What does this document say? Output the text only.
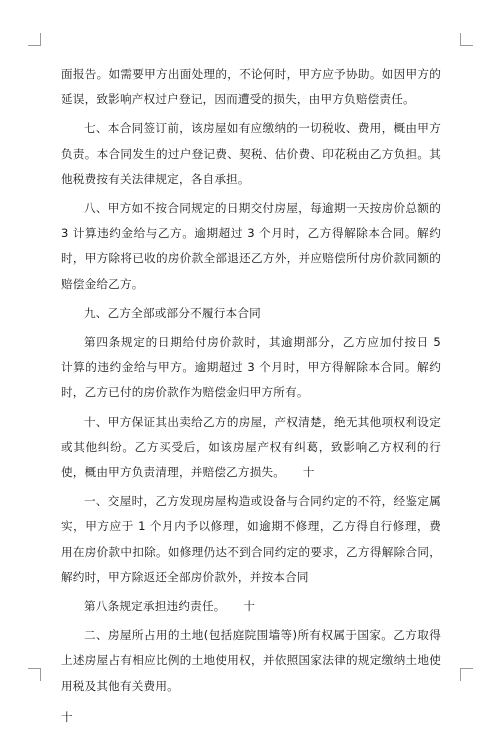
面报告。如需要甲方出面处理的，不论何时，甲方应予协助。如因甲方的延误，致影响产权过户登记，因而遭受的损失，由甲方负赔偿责任。

七、本合同签订前，该房屋如有应缴纳的一切税收、费用，概由甲方负责。本合同发生的过户登记费、契税、估价费、印花税由乙方负担。其他税费按有关法律规定，各自承担。

八、甲方如不按合同规定的日期交付房屋，每逾期一天按房价总额的 3 计算违约金给与乙方。逾期超过 3 个月时，乙方得解除本合同。解约时，甲方除将已收的房价款全部退还乙方外，并应赔偿所付房价款同额的赔偿金给乙方。

九、乙方全部或部分不履行本合同

第四条规定的日期给付房价款时，其逾期部分，乙方应加付按日 5 计算的违约金给与甲方。逾期超过 3 个月时，甲方得解除本合同。解约时，乙方已付的房价款作为赔偿金归甲方所有。

十、甲方保证其出卖给乙方的房屋，产权清楚，绝无其他项权利设定或其他纠纷。乙方买受后，如该房屋产权有纠葛，致影响乙方权利的行使，概由甲方负责清理，并赔偿乙方损失。　　十

一、交屋时，乙方发现房屋构造或设备与合同约定的不符，经鉴定属实，甲方应于 1 个月内予以修理，如逾期不修理，乙方得自行修理，费用在房价款中扣除。如修理仍达不到合同约定的要求，乙方得解除合同，解约时，甲方除返还全部房价款外，并按本合同

第八条规定承担违约责任。　　十

二、房屋所占用的土地(包括庭院围墙等)所有权属于国家。乙方取得上述房屋占有相应比例的土地使用权，并依照国家法律的规定缴纳土地使用税及其他有关费用。

十
